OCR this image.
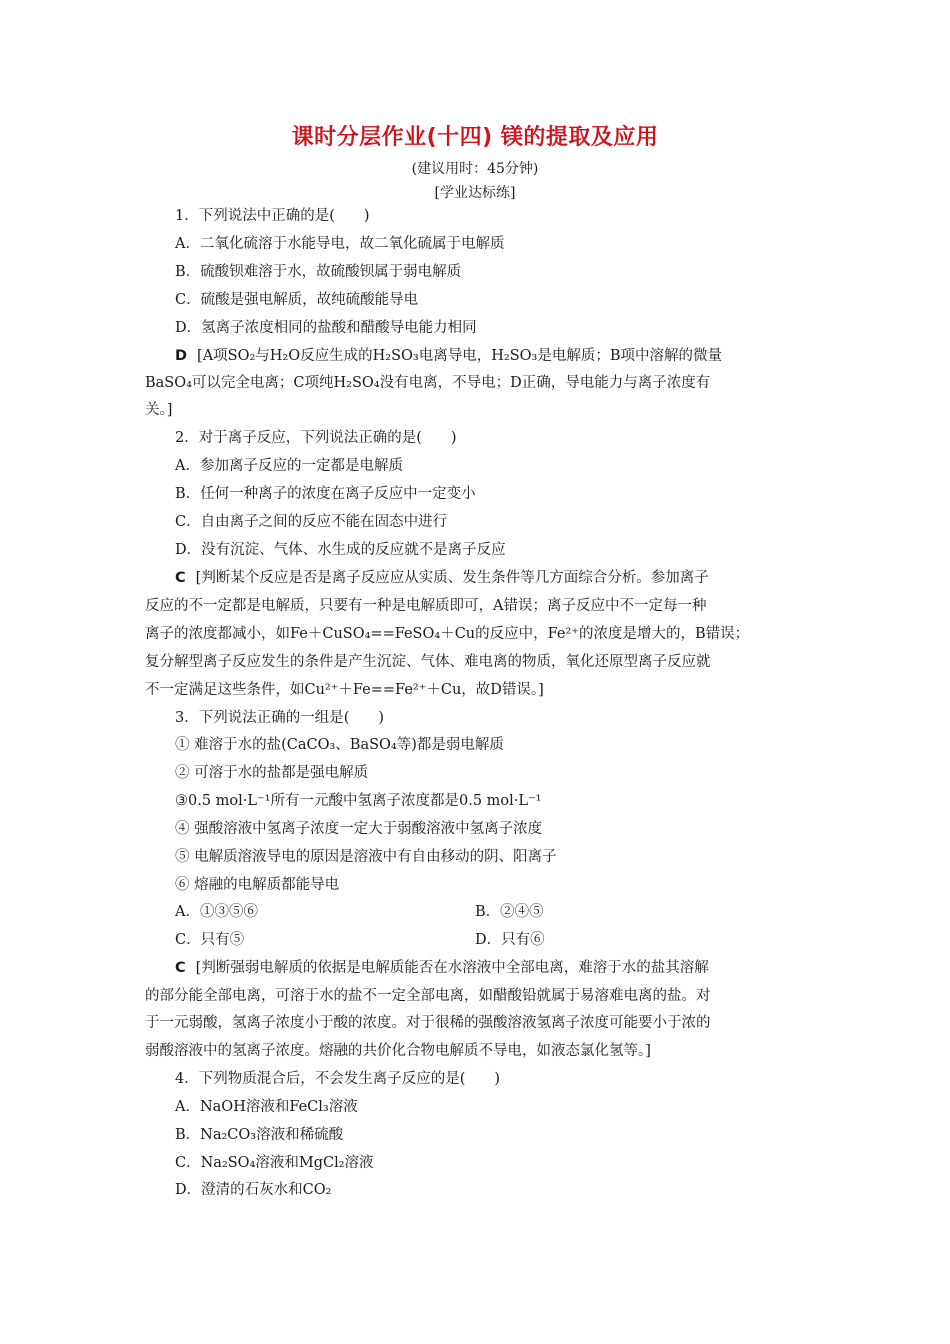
课时分层作业(十四) 镁的提取及应用
(建议用时：45分钟)
[学业达标练]
1．下列说法中正确的是(　　)
A．二氧化硫溶于水能导电，故二氧化硫属于电解质
B．硫酸钡难溶于水，故硫酸钡属于弱电解质
C．硫酸是强电解质，故纯硫酸能导电
D．氢离子浓度相同的盐酸和醋酸导电能力相同
D [A项SO₂与H₂O反应生成的H₂SO₃电离导电，H₂SO₃是电解质；B项中溶解的微量
BaSO₄可以完全电离；C项纯H₂SO₄没有电离，不导电；D正确，导电能力与离子浓度有
关。]
2．对于离子反应，下列说法正确的是(　　)
A．参加离子反应的一定都是电解质
B．任何一种离子的浓度在离子反应中一定变小
C．自由离子之间的反应不能在固态中进行
D．没有沉淀、气体、水生成的反应就不是离子反应
C [判断某个反应是否是离子反应应从实质、发生条件等几方面综合分析。参加离子
反应的不一定都是电解质，只要有一种是电解质即可，A错误；离子反应中不一定每一种
离子的浓度都减小，如Fe＋CuSO₄==FeSO₄＋Cu的反应中，Fe²⁺的浓度是增大的，B错误；
复分解型离子反应发生的条件是产生沉淀、气体、难电离的物质，氧化还原型离子反应就
不一定满足这些条件，如Cu²⁺＋Fe==Fe²⁺＋Cu，故D错误。]
3．下列说法正确的一组是(　　)
① 难溶于水的盐(CaCO₃、BaSO₄等)都是弱电解质
② 可溶于水的盐都是强电解质
③0.5 mol·L⁻¹所有一元酸中氢离子浓度都是0.5 mol·L⁻¹
④ 强酸溶液中氢离子浓度一定大于弱酸溶液中氢离子浓度
⑤ 电解质溶液导电的原因是溶液中有自由移动的阴、阳离子
⑥ 熔融的电解质都能导电
A．①③⑤⑥	B．②④⑤
C．只有⑤	D．只有⑥
C [判断强弱电解质的依据是电解质能否在水溶液中全部电离，难溶于水的盐其溶解
的部分能全部电离，可溶于水的盐不一定全部电离，如醋酸铅就属于易溶难电离的盐。对
于一元弱酸，氢离子浓度小于酸的浓度。对于很稀的强酸溶液氢离子浓度可能要小于浓的
弱酸溶液中的氢离子浓度。熔融的共价化合物电解质不导电，如液态氯化氢等。]
4．下列物质混合后，不会发生离子反应的是(　　)
A．NaOH溶液和FeCl₃溶液
B．Na₂CO₃溶液和稀硫酸
C．Na₂SO₄溶液和MgCl₂溶液
D．澄清的石灰水和CO₂
